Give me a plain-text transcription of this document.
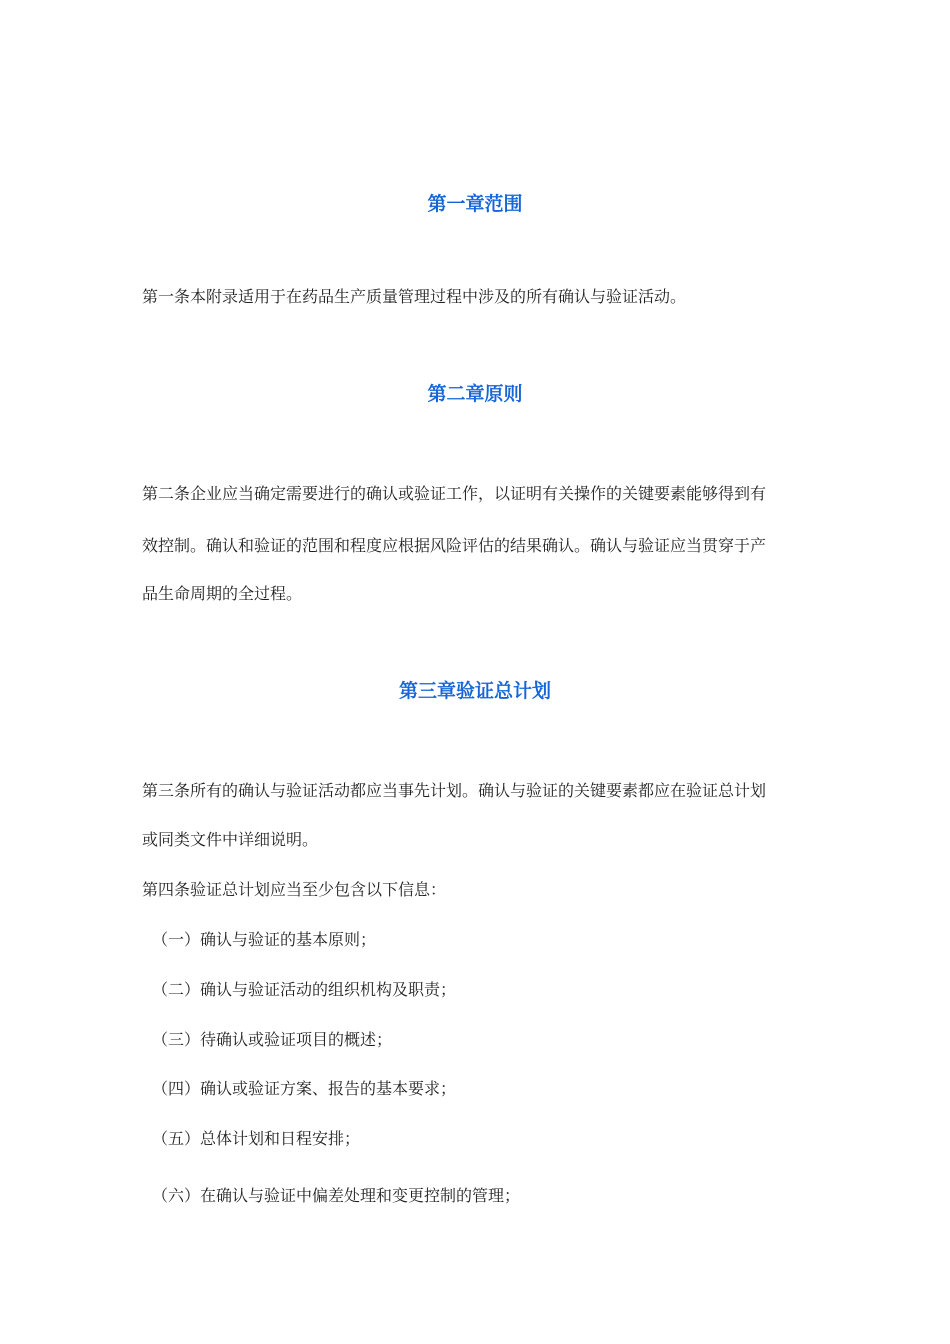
第一章范围
第一条本附录适用于在药品生产质量管理过程中涉及的所有确认与验证活动。
第二章原则
第二条企业应当确定需要进行的确认或验证工作，以证明有关操作的关键要素能够得到有
效控制。确认和验证的范围和程度应根据风险评估的结果确认。确认与验证应当贯穿于产
品生命周期的全过程。
第三章验证总计划
第三条所有的确认与验证活动都应当事先计划。确认与验证的关键要素都应在验证总计划
或同类文件中详细说明。
第四条验证总计划应当至少包含以下信息：
（一）确认与验证的基本原则；
（二）确认与验证活动的组织机构及职责；
（三）待确认或验证项目的概述；
（四）确认或验证方案、报告的基本要求；
（五）总体计划和日程安排；
（六）在确认与验证中偏差处理和变更控制的管理；
